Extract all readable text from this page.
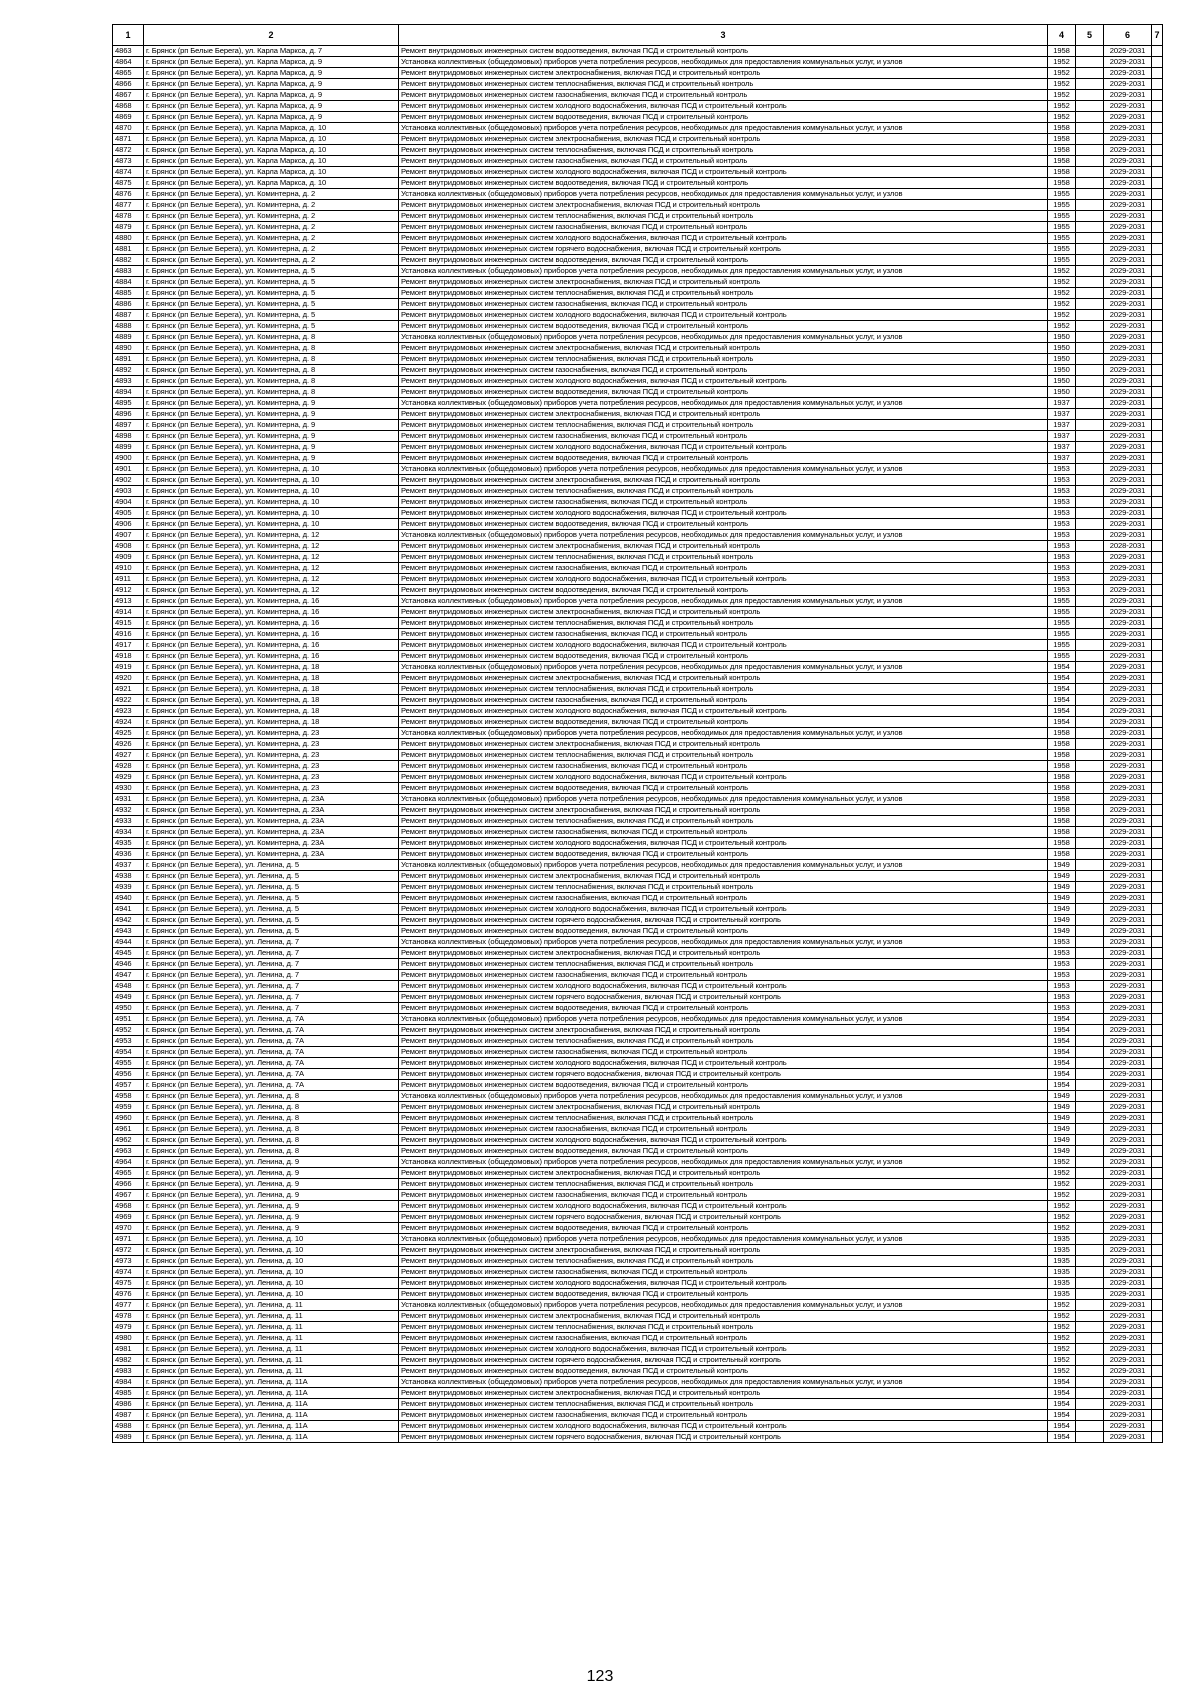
1	2	3	4	5	6	7
4863	г. Брянск (рп Белые Берега), ул. Карла Маркса, д. 7	Ремонт внутридомовых инженерных систем водоотведения, включая ПСД и строительный контроль	1958		2029-2031	
4864	г. Брянск (рп Белые Берега), ул. Карла Маркса, д. 9	Установка коллективных (общедомовых) приборов учета потребления ресурсов, необходимых для предоставления коммунальных услуг, и узлов	1952		2029-2031	
4865	г. Брянск (рп Белые Берега), ул. Карла Маркса, д. 9	Ремонт внутридомовых инженерных систем электроснабжения, включая ПСД и строительный контроль	1952		2029-2031	
4866	г. Брянск (рп Белые Берега), ул. Карла Маркса, д. 9	Ремонт внутридомовых инженерных систем теплоснабжения, включая ПСД и строительный контроль	1952		2029-2031	
4867	г. Брянск (рп Белые Берега), ул. Карла Маркса, д. 9	Ремонт внутридомовых инженерных систем газоснабжения, включая ПСД и строительный контроль	1952		2029-2031	
4868	г. Брянск (рп Белые Берега), ул. Карла Маркса, д. 9	Ремонт внутридомовых инженерных систем холодного водоснабжения, включая ПСД и строительный контроль	1952		2029-2031	
4869	г. Брянск (рп Белые Берега), ул. Карла Маркса, д. 9	Ремонт внутридомовых инженерных систем водоотведения, включая ПСД и строительный контроль	1952		2029-2031	
4870	г. Брянск (рп Белые Берега), ул. Карла Маркса, д. 10	Установка коллективных (общедомовых) приборов учета потребления ресурсов, необходимых для предоставления коммунальных услуг, и узлов	1958		2029-2031	
4871	г. Брянск (рп Белые Берега), ул. Карла Маркса, д. 10	Ремонт внутридомовых инженерных систем электроснабжения, включая ПСД и строительный контроль	1958		2029-2031	
4872	г. Брянск (рп Белые Берега), ул. Карла Маркса, д. 10	Ремонт внутридомовых инженерных систем теплоснабжения, включая ПСД и строительный контроль	1958		2029-2031	
4873	г. Брянск (рп Белые Берега), ул. Карла Маркса, д. 10	Ремонт внутридомовых инженерных систем газоснабжения, включая ПСД и строительный контроль	1958		2029-2031	
4874	г. Брянск (рп Белые Берега), ул. Карла Маркса, д. 10	Ремонт внутридомовых инженерных систем холодного водоснабжения, включая ПСД и строительный контроль	1958		2029-2031	
4875	г. Брянск (рп Белые Берега), ул. Карла Маркса, д. 10	Ремонт внутридомовых инженерных систем водоотведения, включая ПСД и строительный контроль	1958		2029-2031	
4876	г. Брянск (рп Белые Берега), ул. Коминтерна, д. 2	Установка коллективных (общедомовых) приборов учета потребления ресурсов, необходимых для предоставления коммунальных услуг, и узлов	1955		2029-2031	
4877	г. Брянск (рп Белые Берега), ул. Коминтерна, д. 2	Ремонт внутридомовых инженерных систем электроснабжения, включая ПСД и строительный контроль	1955		2029-2031	
4878	г. Брянск (рп Белые Берега), ул. Коминтерна, д. 2	Ремонт внутридомовых инженерных систем теплоснабжения, включая ПСД и строительный контроль	1955		2029-2031	
4879	г. Брянск (рп Белые Берега), ул. Коминтерна, д. 2	Ремонт внутридомовых инженерных систем газоснабжения, включая ПСД и строительный контроль	1955		2029-2031	
4880	г. Брянск (рп Белые Берега), ул. Коминтерна, д. 2	Ремонт внутридомовых инженерных систем холодного водоснабжения, включая ПСД и строительный контроль	1955		2029-2031	
4881	г. Брянск (рп Белые Берега), ул. Коминтерна, д. 2	Ремонт внутридомовых инженерных систем горячего водоснабжения, включая ПСД и строительный контроль	1955		2029-2031	
4882	г. Брянск (рп Белые Берега), ул. Коминтерна, д. 2	Ремонт внутридомовых инженерных систем водоотведения, включая ПСД и строительный контроль	1955		2029-2031	
4883	г. Брянск (рп Белые Берега), ул. Коминтерна, д. 5	Установка коллективных (общедомовых) приборов учета потребления ресурсов, необходимых для предоставления коммунальных услуг, и узлов	1952		2029-2031	
4884	г. Брянск (рп Белые Берега), ул. Коминтерна, д. 5	Ремонт внутридомовых инженерных систем электроснабжения, включая ПСД и строительный контроль	1952		2029-2031	
4885	г. Брянск (рп Белые Берега), ул. Коминтерна, д. 5	Ремонт внутридомовых инженерных систем теплоснабжения, включая ПСД и строительный контроль	1952		2029-2031	
4886	г. Брянск (рп Белые Берега), ул. Коминтерна, д. 5	Ремонт внутридомовых инженерных систем газоснабжения, включая ПСД и строительный контроль	1952		2029-2031	
4887	г. Брянск (рп Белые Берега), ул. Коминтерна, д. 5	Ремонт внутридомовых инженерных систем холодного водоснабжения, включая ПСД и строительный контроль	1952		2029-2031	
4888	г. Брянск (рп Белые Берега), ул. Коминтерна, д. 5	Ремонт внутридомовых инженерных систем водоотведения, включая ПСД и строительный контроль	1952		2029-2031	
4889	г. Брянск (рп Белые Берега), ул. Коминтерна, д. 8	Установка коллективных (общедомовых) приборов учета потребления ресурсов, необходимых для предоставления коммунальных услуг, и узлов	1950		2029-2031	
4890	г. Брянск (рп Белые Берега), ул. Коминтерна, д. 8	Ремонт внутридомовых инженерных систем электроснабжения, включая ПСД и строительный контроль	1950		2029-2031	
4891	г. Брянск (рп Белые Берега), ул. Коминтерна, д. 8	Ремонт внутридомовых инженерных систем теплоснабжения, включая ПСД и строительный контроль	1950		2029-2031	
4892	г. Брянск (рп Белые Берега), ул. Коминтерна, д. 8	Ремонт внутридомовых инженерных систем газоснабжения, включая ПСД и строительный контроль	1950		2029-2031	
4893	г. Брянск (рп Белые Берега), ул. Коминтерна, д. 8	Ремонт внутридомовых инженерных систем холодного водоснабжения, включая ПСД и строительный контроль	1950		2029-2031	
4894	г. Брянск (рп Белые Берега), ул. Коминтерна, д. 8	Ремонт внутридомовых инженерных систем водоотведения, включая ПСД и строительный контроль	1950		2029-2031	
4895	г. Брянск (рп Белые Берега), ул. Коминтерна, д. 9	Установка коллективных (общедомовых) приборов учета потребления ресурсов, необходимых для предоставления коммунальных услуг, и узлов	1937		2029-2031	
4896	г. Брянск (рп Белые Берега), ул. Коминтерна, д. 9	Ремонт внутридомовых инженерных систем электроснабжения, включая ПСД и строительный контроль	1937		2029-2031	
4897	г. Брянск (рп Белые Берега), ул. Коминтерна, д. 9	Ремонт внутридомовых инженерных систем теплоснабжения, включая ПСД и строительный контроль	1937		2029-2031	
4898	г. Брянск (рп Белые Берега), ул. Коминтерна, д. 9	Ремонт внутридомовых инженерных систем газоснабжения, включая ПСД и строительный контроль	1937		2029-2031	
4899	г. Брянск (рп Белые Берега), ул. Коминтерна, д. 9	Ремонт внутридомовых инженерных систем холодного водоснабжения, включая ПСД и строительный контроль	1937		2029-2031	
4900	г. Брянск (рп Белые Берега), ул. Коминтерна, д. 9	Ремонт внутридомовых инженерных систем водоотведения, включая ПСД и строительный контроль	1937		2029-2031	
4901	г. Брянск (рп Белые Берега), ул. Коминтерна, д. 10	Установка коллективных (общедомовых) приборов учета потребления ресурсов, необходимых для предоставления коммунальных услуг, и узлов	1953		2029-2031	
4902	г. Брянск (рп Белые Берега), ул. Коминтерна, д. 10	Ремонт внутридомовых инженерных систем электроснабжения, включая ПСД и строительный контроль	1953		2029-2031	
4903	г. Брянск (рп Белые Берега), ул. Коминтерна, д. 10	Ремонт внутридомовых инженерных систем теплоснабжения, включая ПСД и строительный контроль	1953		2029-2031	
4904	г. Брянск (рп Белые Берега), ул. Коминтерна, д. 10	Ремонт внутридомовых инженерных систем газоснабжения, включая ПСД и строительный контроль	1953		2029-2031	
4905	г. Брянск (рп Белые Берега), ул. Коминтерна, д. 10	Ремонт внутридомовых инженерных систем холодного водоснабжения, включая ПСД и строительный контроль	1953		2029-2031	
4906	г. Брянск (рп Белые Берега), ул. Коминтерна, д. 10	Ремонт внутридомовых инженерных систем водоотведения, включая ПСД и строительный контроль	1953		2029-2031	
4907	г. Брянск (рп Белые Берега), ул. Коминтерна, д. 12	Установка коллективных (общедомовых) приборов учета потребления ресурсов, необходимых для предоставления коммунальных услуг, и узлов	1953		2029-2031	
4908	г. Брянск (рп Белые Берега), ул. Коминтерна, д. 12	Ремонт внутридомовых инженерных систем электроснабжения, включая ПСД и строительный контроль	1953		2028-2031	
4909	г. Брянск (рп Белые Берега), ул. Коминтерна, д. 12	Ремонт внутридомовых инженерных систем теплоснабжения, включая ПСД и строительный контроль	1953		2029-2031	
4910	г. Брянск (рп Белые Берега), ул. Коминтерна, д. 12	Ремонт внутридомовых инженерных систем газоснабжения, включая ПСД и строительный контроль	1953		2029-2031	
4911	г. Брянск (рп Белые Берега), ул. Коминтерна, д. 12	Ремонт внутридомовых инженерных систем холодного водоснабжения, включая ПСД и строительный контроль	1953		2029-2031	
4912	г. Брянск (рп Белые Берега), ул. Коминтерна, д. 12	Ремонт внутридомовых инженерных систем водоотведения, включая ПСД и строительный контроль	1953		2029-2031	
4913	г. Брянск (рп Белые Берега), ул. Коминтерна, д. 16	Установка коллективных (общедомовых) приборов учета потребления ресурсов, необходимых для предоставления коммунальных услуг, и узлов	1955		2029-2031	
4914	г. Брянск (рп Белые Берега), ул. Коминтерна, д. 16	Ремонт внутридомовых инженерных систем электроснабжения, включая ПСД и строительный контроль	1955		2029-2031	
4915	г. Брянск (рп Белые Берега), ул. Коминтерна, д. 16	Ремонт внутридомовых инженерных систем теплоснабжения, включая ПСД и строительный контроль	1955		2029-2031	
4916	г. Брянск (рп Белые Берега), ул. Коминтерна, д. 16	Ремонт внутридомовых инженерных систем газоснабжения, включая ПСД и строительный контроль	1955		2029-2031	
4917	г. Брянск (рп Белые Берега), ул. Коминтерна, д. 16	Ремонт внутридомовых инженерных систем холодного водоснабжения, включая ПСД и строительный контроль	1955		2029-2031	
4918	г. Брянск (рп Белые Берега), ул. Коминтерна, д. 16	Ремонт внутридомовых инженерных систем водоотведения, включая ПСД и строительный контроль	1955		2029-2031	
4919	г. Брянск (рп Белые Берега), ул. Коминтерна, д. 18	Установка коллективных (общедомовых) приборов учета потребления ресурсов, необходимых для предоставления коммунальных услуг, и узлов	1954		2029-2031	
4920	г. Брянск (рп Белые Берега), ул. Коминтерна, д. 18	Ремонт внутридомовых инженерных систем электроснабжения, включая ПСД и строительный контроль	1954		2029-2031	
4921	г. Брянск (рп Белые Берега), ул. Коминтерна, д. 18	Ремонт внутридомовых инженерных систем теплоснабжения, включая ПСД и строительный контроль	1954		2029-2031	
4922	г. Брянск (рп Белые Берега), ул. Коминтерна, д. 18	Ремонт внутридомовых инженерных систем газоснабжения, включая ПСД и строительный контроль	1954		2029-2031	
4923	г. Брянск (рп Белые Берега), ул. Коминтерна, д. 18	Ремонт внутридомовых инженерных систем холодного водоснабжения, включая ПСД и строительный контроль	1954		2029-2031	
4924	г. Брянск (рп Белые Берега), ул. Коминтерна, д. 18	Ремонт внутридомовых инженерных систем водоотведения, включая ПСД и строительный контроль	1954		2029-2031	
4925	г. Брянск (рп Белые Берега), ул. Коминтерна, д. 23	Установка коллективных (общедомовых) приборов учета потребления ресурсов, необходимых для предоставления коммунальных услуг, и узлов	1958		2029-2031	
4926	г. Брянск (рп Белые Берега), ул. Коминтерна, д. 23	Ремонт внутридомовых инженерных систем электроснабжения, включая ПСД и строительный контроль	1958		2029-2031	
4927	г. Брянск (рп Белые Берега), ул. Коминтерна, д. 23	Ремонт внутридомовых инженерных систем теплоснабжения, включая ПСД и строительный контроль	1958		2029-2031	
4928	г. Брянск (рп Белые Берега), ул. Коминтерна, д. 23	Ремонт внутридомовых инженерных систем газоснабжения, включая ПСД и строительный контроль	1958		2029-2031	
4929	г. Брянск (рп Белые Берега), ул. Коминтерна, д. 23	Ремонт внутридомовых инженерных систем холодного водоснабжения, включая ПСД и строительный контроль	1958		2029-2031	
4930	г. Брянск (рп Белые Берега), ул. Коминтерна, д. 23	Ремонт внутридомовых инженерных систем водоотведения, включая ПСД и строительный контроль	1958		2029-2031	
4931	г. Брянск (рп Белые Берега), ул. Коминтерна, д. 23А	Установка коллективных (общедомовых) приборов учета потребления ресурсов, необходимых для предоставления коммунальных услуг, и узлов	1958		2029-2031	
4932	г. Брянск (рп Белые Берега), ул. Коминтерна, д. 23А	Ремонт внутридомовых инженерных систем электроснабжения, включая ПСД и строительный контроль	1958		2029-2031	
4933	г. Брянск (рп Белые Берега), ул. Коминтерна, д. 23А	Ремонт внутридомовых инженерных систем теплоснабжения, включая ПСД и строительный контроль	1958		2029-2031	
4934	г. Брянск (рп Белые Берега), ул. Коминтерна, д. 23А	Ремонт внутридомовых инженерных систем газоснабжения, включая ПСД и строительный контроль	1958		2029-2031	
4935	г. Брянск (рп Белые Берега), ул. Коминтерна, д. 23А	Ремонт внутридомовых инженерных систем холодного водоснабжения, включая ПСД и строительный контроль	1958		2029-2031	
4936	г. Брянск (рп Белые Берега), ул. Коминтерна, д. 23А	Ремонт внутридомовых инженерных систем водоотведения, включая ПСД и строительный контроль	1958		2029-2031	
4937	г. Брянск (рп Белые Берега), ул. Ленина, д. 5	Установка коллективных (общедомовых) приборов учета потребления ресурсов, необходимых для предоставления коммунальных услуг, и узлов	1949		2029-2031	
4938	г. Брянск (рп Белые Берега), ул. Ленина, д. 5	Ремонт внутридомовых инженерных систем электроснабжения, включая ПСД и строительный контроль	1949		2029-2031	
4939	г. Брянск (рп Белые Берега), ул. Ленина, д. 5	Ремонт внутридомовых инженерных систем теплоснабжения, включая ПСД и строительный контроль	1949		2029-2031	
4940	г. Брянск (рп Белые Берега), ул. Ленина, д. 5	Ремонт внутридомовых инженерных систем газоснабжения, включая ПСД и строительный контроль	1949		2029-2031	
4941	г. Брянск (рп Белые Берега), ул. Ленина, д. 5	Ремонт внутридомовых инженерных систем холодного водоснабжения, включая ПСД и строительный контроль	1949		2029-2031	
4942	г. Брянск (рп Белые Берега), ул. Ленина, д. 5	Ремонт внутридомовых инженерных систем горячего водоснабжения, включая ПСД и строительный контроль	1949		2029-2031	
4943	г. Брянск (рп Белые Берега), ул. Ленина, д. 5	Ремонт внутридомовых инженерных систем водоотведения, включая ПСД и строительный контроль	1949		2029-2031	
4944	г. Брянск (рп Белые Берега), ул. Ленина, д. 7	Установка коллективных (общедомовых) приборов учета потребления ресурсов, необходимых для предоставления коммунальных услуг, и узлов	1953		2029-2031	
4945	г. Брянск (рп Белые Берега), ул. Ленина, д. 7	Ремонт внутридомовых инженерных систем электроснабжения, включая ПСД и строительный контроль	1953		2029-2031	
4946	г. Брянск (рп Белые Берега), ул. Ленина, д. 7	Ремонт внутридомовых инженерных систем теплоснабжения, включая ПСД и строительный контроль	1953		2029-2031	
4947	г. Брянск (рп Белые Берега), ул. Ленина, д. 7	Ремонт внутридомовых инженерных систем газоснабжения, включая ПСД и строительный контроль	1953		2029-2031	
4948	г. Брянск (рп Белые Берега), ул. Ленина, д. 7	Ремонт внутридомовых инженерных систем холодного водоснабжения, включая ПСД и строительный контроль	1953		2029-2031	
4949	г. Брянск (рп Белые Берега), ул. Ленина, д. 7	Ремонт внутридомовых инженерных систем горячего водоснабжения, включая ПСД и строительный контроль	1953		2029-2031	
4950	г. Брянск (рп Белые Берега), ул. Ленина, д. 7	Ремонт внутридомовых инженерных систем водоотведения, включая ПСД и строительный контроль	1953		2029-2031	
4951	г. Брянск (рп Белые Берега), ул. Ленина, д. 7А	Установка коллективных (общедомовых) приборов учета потребления ресурсов, необходимых для предоставления коммунальных услуг, и узлов	1954		2029-2031	
4952	г. Брянск (рп Белые Берега), ул. Ленина, д. 7А	Ремонт внутридомовых инженерных систем электроснабжения, включая ПСД и строительный контроль	1954		2029-2031	
4953	г. Брянск (рп Белые Берега), ул. Ленина, д. 7А	Ремонт внутридомовых инженерных систем теплоснабжения, включая ПСД и строительный контроль	1954		2029-2031	
4954	г. Брянск (рп Белые Берега), ул. Ленина, д. 7А	Ремонт внутридомовых инженерных систем газоснабжения, включая ПСД и строительный контроль	1954		2029-2031	
4955	г. Брянск (рп Белые Берега), ул. Ленина, д. 7А	Ремонт внутридомовых инженерных систем холодного водоснабжения, включая ПСД и строительный контроль	1954		2029-2031	
4956	г. Брянск (рп Белые Берега), ул. Ленина, д. 7А	Ремонт внутридомовых инженерных систем горячего водоснабжения, включая ПСД и строительный контроль	1954		2029-2031	
4957	г. Брянск (рп Белые Берега), ул. Ленина, д. 7А	Ремонт внутридомовых инженерных систем водоотведения, включая ПСД и строительный контроль	1954		2029-2031	
4958	г. Брянск (рп Белые Берега), ул. Ленина, д. 8	Установка коллективных (общедомовых) приборов учета потребления ресурсов, необходимых для предоставления коммунальных услуг, и узлов	1949		2029-2031	
4959	г. Брянск (рп Белые Берега), ул. Ленина, д. 8	Ремонт внутридомовых инженерных систем электроснабжения, включая ПСД и строительный контроль	1949		2029-2031	
4960	г. Брянск (рп Белые Берега), ул. Ленина, д. 8	Ремонт внутридомовых инженерных систем теплоснабжения, включая ПСД и строительный контроль	1949		2029-2031	
4961	г. Брянск (рп Белые Берега), ул. Ленина, д. 8	Ремонт внутридомовых инженерных систем газоснабжения, включая ПСД и строительный контроль	1949		2029-2031	
4962	г. Брянск (рп Белые Берега), ул. Ленина, д. 8	Ремонт внутридомовых инженерных систем холодного водоснабжения, включая ПСД и строительный контроль	1949		2029-2031	
4963	г. Брянск (рп Белые Берега), ул. Ленина, д. 8	Ремонт внутридомовых инженерных систем водоотведения, включая ПСД и строительный контроль	1949		2029-2031	
4964	г. Брянск (рп Белые Берега), ул. Ленина, д. 9	Установка коллективных (общедомовых) приборов учета потребления ресурсов, необходимых для предоставления коммунальных услуг, и узлов	1952		2029-2031	
4965	г. Брянск (рп Белые Берега), ул. Ленина, д. 9	Ремонт внутридомовых инженерных систем электроснабжения, включая ПСД и строительный контроль	1952		2029-2031	
4966	г. Брянск (рп Белые Берега), ул. Ленина, д. 9	Ремонт внутридомовых инженерных систем теплоснабжения, включая ПСД и строительный контроль	1952		2029-2031	
4967	г. Брянск (рп Белые Берега), ул. Ленина, д. 9	Ремонт внутридомовых инженерных систем газоснабжения, включая ПСД и строительный контроль	1952		2029-2031	
4968	г. Брянск (рп Белые Берега), ул. Ленина, д. 9	Ремонт внутридомовых инженерных систем холодного водоснабжения, включая ПСД и строительный контроль	1952		2029-2031	
4969	г. Брянск (рп Белые Берега), ул. Ленина, д. 9	Ремонт внутридомовых инженерных систем горячего водоснабжения, включая ПСД и строительный контроль	1952		2029-2031	
4970	г. Брянск (рп Белые Берега), ул. Ленина, д. 9	Ремонт внутридомовых инженерных систем водоотведения, включая ПСД и строительный контроль	1952		2029-2031	
4971	г. Брянск (рп Белые Берега), ул. Ленина, д. 10	Установка коллективных (общедомовых) приборов учета потребления ресурсов, необходимых для предоставления коммунальных услуг, и узлов	1935		2029-2031	
4972	г. Брянск (рп Белые Берега), ул. Ленина, д. 10	Ремонт внутридомовых инженерных систем электроснабжения, включая ПСД и строительный контроль	1935		2029-2031	
4973	г. Брянск (рп Белые Берега), ул. Ленина, д. 10	Ремонт внутридомовых инженерных систем теплоснабжения, включая ПСД и строительный контроль	1935		2029-2031	
4974	г. Брянск (рп Белые Берега), ул. Ленина, д. 10	Ремонт внутридомовых инженерных систем газоснабжения, включая ПСД и строительный контроль	1935		2029-2031	
4975	г. Брянск (рп Белые Берега), ул. Ленина, д. 10	Ремонт внутридомовых инженерных систем холодного водоснабжения, включая ПСД и строительный контроль	1935		2029-2031	
4976	г. Брянск (рп Белые Берега), ул. Ленина, д. 10	Ремонт внутридомовых инженерных систем водоотведения, включая ПСД и строительный контроль	1935		2029-2031	
4977	г. Брянск (рп Белые Берега), ул. Ленина, д. 11	Установка коллективных (общедомовых) приборов учета потребления ресурсов, необходимых для предоставления коммунальных услуг, и узлов	1952		2029-2031	
4978	г. Брянск (рп Белые Берега), ул. Ленина, д. 11	Ремонт внутридомовых инженерных систем электроснабжения, включая ПСД и строительный контроль	1952		2029-2031	
4979	г. Брянск (рп Белые Берега), ул. Ленина, д. 11	Ремонт внутридомовых инженерных систем теплоснабжения, включая ПСД и строительный контроль	1952		2029-2031	
4980	г. Брянск (рп Белые Берега), ул. Ленина, д. 11	Ремонт внутридомовых инженерных систем газоснабжения, включая ПСД и строительный контроль	1952		2029-2031	
4981	г. Брянск (рп Белые Берега), ул. Ленина, д. 11	Ремонт внутридомовых инженерных систем холодного водоснабжения, включая ПСД и строительный контроль	1952		2029-2031	
4982	г. Брянск (рп Белые Берега), ул. Ленина, д. 11	Ремонт внутридомовых инженерных систем горячего водоснабжения, включая ПСД и строительный контроль	1952		2029-2031	
4983	г. Брянск (рп Белые Берега), ул. Ленина, д. 11	Ремонт внутридомовых инженерных систем водоотведения, включая ПСД и строительный контроль	1952		2029-2031	
4984	г. Брянск (рп Белые Берега), ул. Ленина, д. 11А	Установка коллективных (общедомовых) приборов учета потребления ресурсов, необходимых для предоставления коммунальных услуг, и узлов	1954		2029-2031	
4985	г. Брянск (рп Белые Берега), ул. Ленина, д. 11А	Ремонт внутридомовых инженерных систем электроснабжения, включая ПСД и строительный контроль	1954		2029-2031	
4986	г. Брянск (рп Белые Берега), ул. Ленина, д. 11А	Ремонт внутридомовых инженерных систем теплоснабжения, включая ПСД и строительный контроль	1954		2029-2031	
4987	г. Брянск (рп Белые Берега), ул. Ленина, д. 11А	Ремонт внутридомовых инженерных систем газоснабжения, включая ПСД и строительный контроль	1954		2029-2031	
4988	г. Брянск (рп Белые Берега), ул. Ленина, д. 11А	Ремонт внутридомовых инженерных систем холодного водоснабжения, включая ПСД и строительный контроль	1954		2029-2031	
4989	г. Брянск (рп Белые Берега), ул. Ленина, д. 11А	Ремонт внутридомовых инженерных систем горячего водоснабжения, включая ПСД и строительный контроль	1954		2029-2031	
123
